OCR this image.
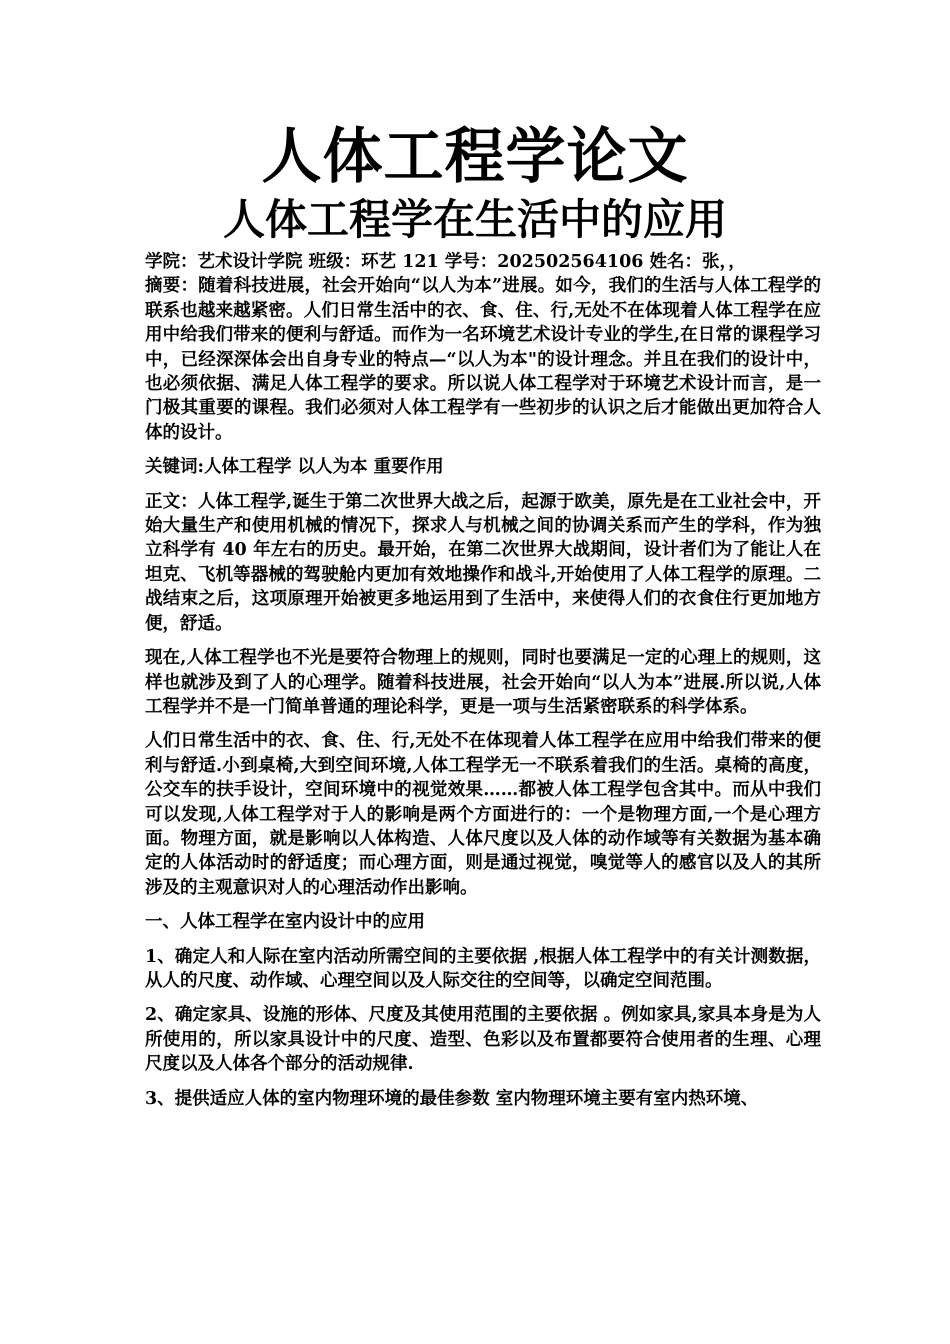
人体工程学论文
人体工程学在生活中的应用

学院：艺术设计学院 班级：环艺 121 学号：202502564106 姓名：张，，

摘要：随着科技进展，社会开始向“以人为本”进展。如今，我们的生活与人体工程学的联系也越来越紧密。人们日常生活中的衣、食、住、行,无处不在体现着人体工程学在应用中给我们带来的便利与舒适。而作为一名环境艺术设计专业的学生,在日常的课程学习中，已经深深体会出自身专业的特点—“以人为本"的设计理念。并且在我们的设计中，也必须依据、满足人体工程学的要求。所以说人体工程学对于环境艺术设计而言，是一门极其重要的课程。我们必须对人体工程学有一些初步的认识之后才能做出更加符合人体的设计。

关键词:人体工程学 以人为本 重要作用

正文：人体工程学,诞生于第二次世界大战之后，起源于欧美，原先是在工业社会中，开始大量生产和使用机械的情况下，探求人与机械之间的协调关系而产生的学科，作为独立科学有 40 年左右的历史。最开始，在第二次世界大战期间，设计者们为了能让人在坦克、飞机等器械的驾驶舱内更加有效地操作和战斗,开始使用了人体工程学的原理。二战结束之后，这项原理开始被更多地运用到了生活中，来使得人们的衣食住行更加地方便，舒适。

现在,人体工程学也不光是要符合物理上的规则，同时也要满足一定的心理上的规则，这样也就涉及到了人的心理学。随着科技进展，社会开始向“以人为本”进展.所以说,人体工程学并不是一门简单普通的理论科学，更是一项与生活紧密联系的科学体系。

人们日常生活中的衣、食、住、行,无处不在体现着人体工程学在应用中给我们带来的便利与舒适.小到桌椅,大到空间环境,人体工程学无一不联系着我们的生活。桌椅的高度，公交车的扶手设计，空间环境中的视觉效果……都被人体工程学包含其中。而从中我们可以发现,人体工程学对于人的影响是两个方面进行的：一个是物理方面,一个是心理方面。物理方面，就是影响以人体构造、人体尺度以及人体的动作域等有关数据为基本确定的人体活动时的舒适度；而心理方面，则是通过视觉，嗅觉等人的感官以及人的其所涉及的主观意识对人的心理活动作出影响。

一、人体工程学在室内设计中的应用

1、确定人和人际在室内活动所需空间的主要依据 ,根据人体工程学中的有关计测数据，从人的尺度、动作域、心理空间以及人际交往的空间等，以确定空间范围。

2、确定家具、设施的形体、尺度及其使用范围的主要依据 。例如家具,家具本身是为人所使用的，所以家具设计中的尺度、造型、色彩以及布置都要符合使用者的生理、心理尺度以及人体各个部分的活动规律.

3、提供适应人体的室内物理环境的最佳参数 室内物理环境主要有室内热环境、
